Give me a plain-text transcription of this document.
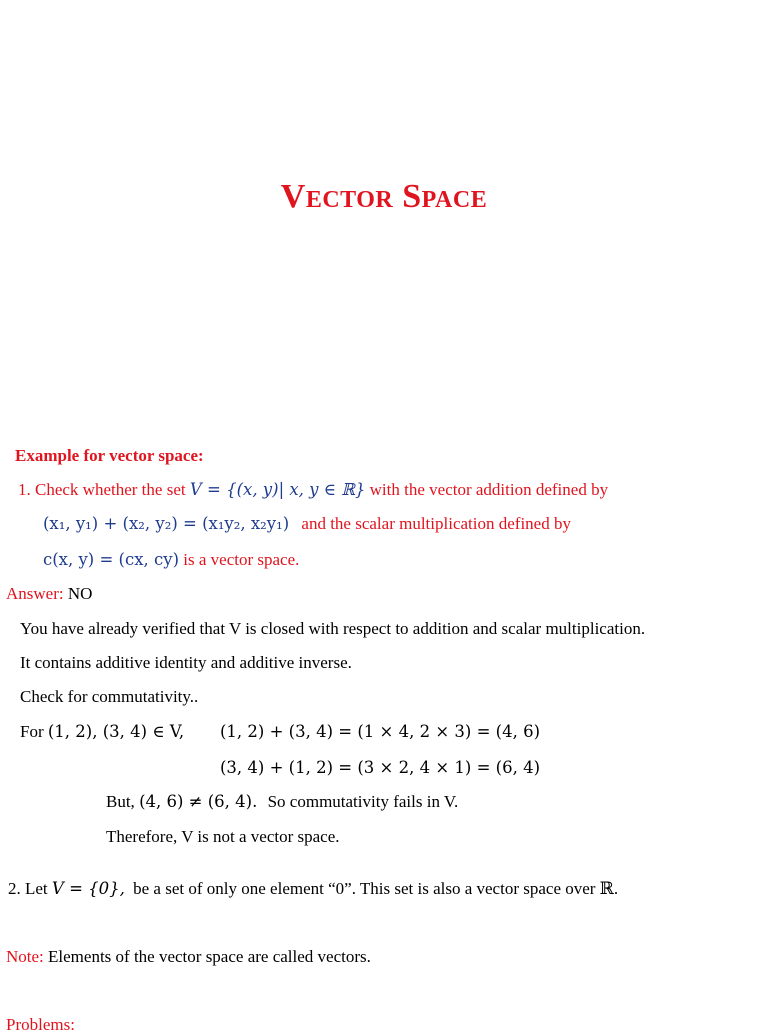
Vector Space
Example for vector space:
1. Check whether the set V = {(x, y)| x, y ∈ ℝ} with the vector addition defined by
(x₁, y₁) + (x₂, y₂) = (x₁y₂, x₂y₁) and the scalar multiplication defined by
c(x, y) = (cx, cy) is a vector space.
Answer: NO
You have already verified that V is closed with respect to addition and scalar multiplication.
It contains additive identity and additive inverse.
Check for commutativity..
For (1, 2), (3, 4) ∈ V, (1, 2) + (3, 4) = (1 × 4, 2 × 3) = (4, 6)
(3, 4) + (1, 2) = (3 × 2, 4 × 1) = (6, 4)
But, (4, 6) ≠ (6, 4). So commutativity fails in V.
Therefore, V is not a vector space.
2. Let V = {0}, be a set of only one element “0”. This set is also a vector space over ℝ.
Note: Elements of the vector space are called vectors.
Problems:
